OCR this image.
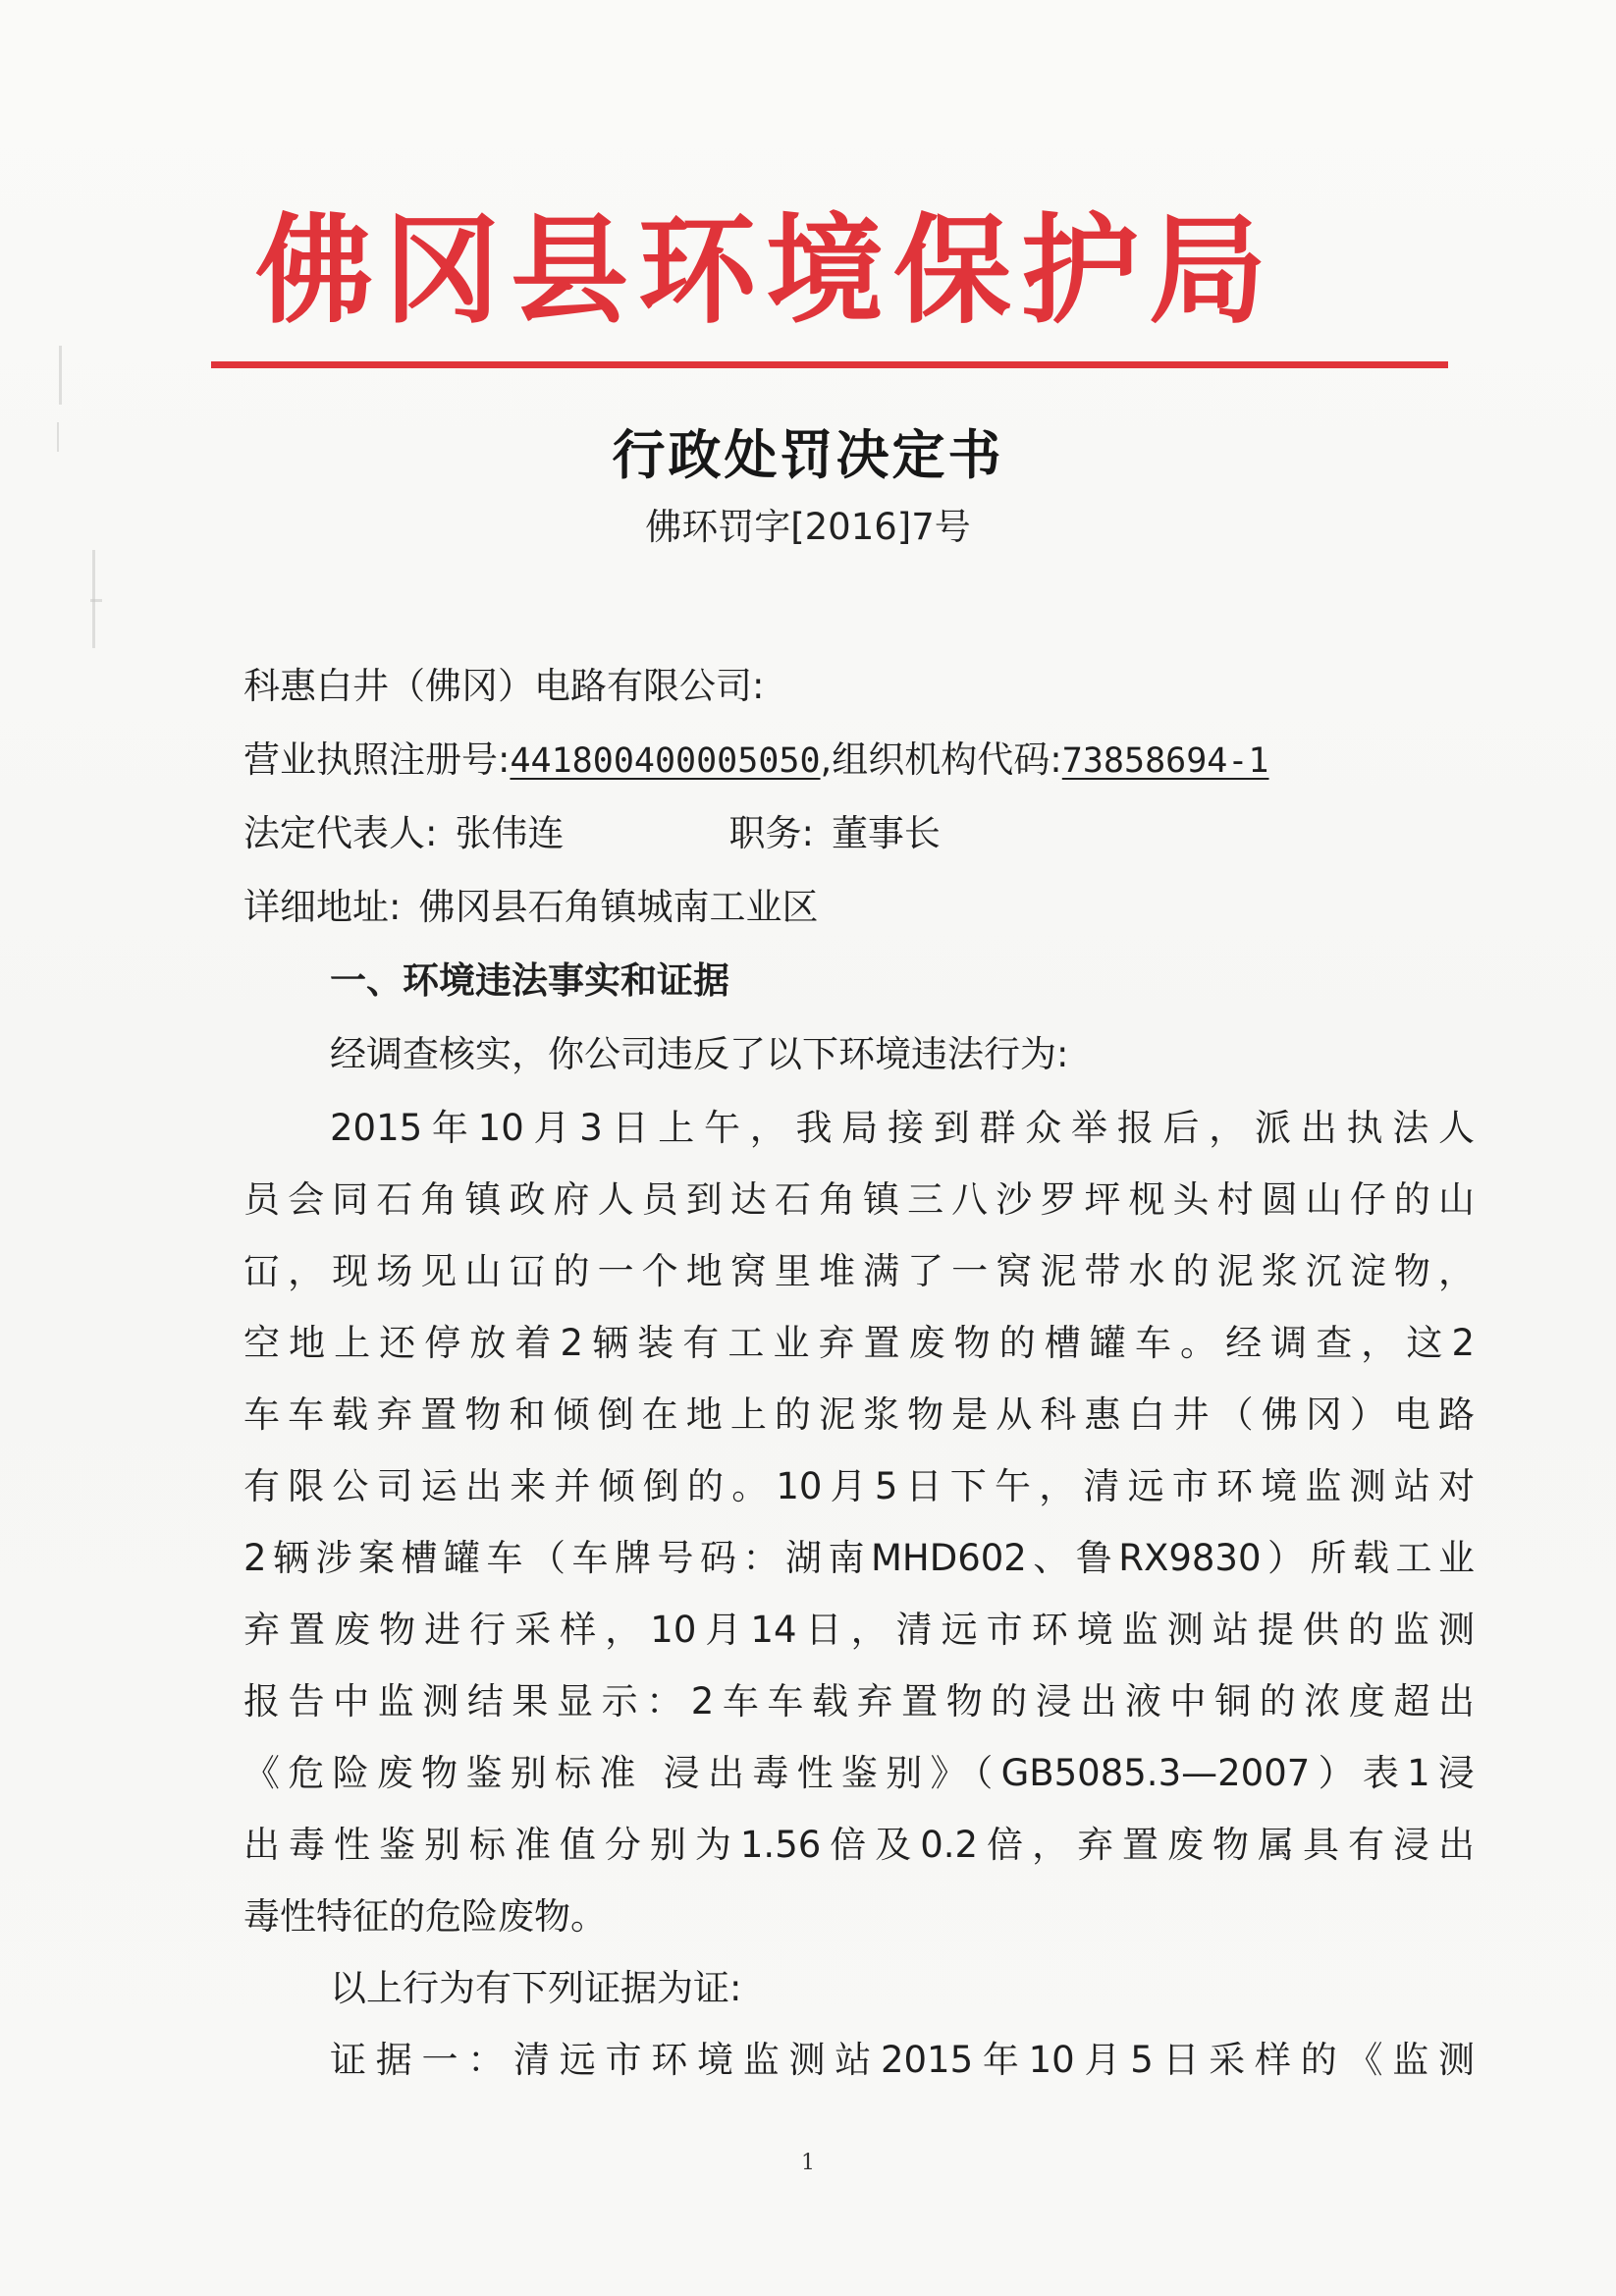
佛冈县环境保护局
行政处罚决定书
佛环罚字[2016]7号
科惠白井（佛冈）电路有限公司:
营业执照注册号:441800400005050,组织机构代码:73858694-1
法定代表人: 张伟连	职务: 董事长
详细地址: 佛冈县石角镇城南工业区
一、环境违法事实和证据
经调查核实，你公司违反了以下环境违法行为:
2015年10月3日上午，我局接到群众举报后，派出执法人
员会同石角镇政府人员到达石角镇三八沙罗坪枧头村圆山仔的山
冚，现场见山冚的一个地窝里堆满了一窝泥带水的泥浆沉淀物，
空地上还停放着2辆装有工业弃置废物的槽罐车。经调查，这2
车车载弃置物和倾倒在地上的泥浆物是从科惠白井（佛冈）电路
有限公司运出来并倾倒的。10月5日下午，清远市环境监测站对
2辆涉案槽罐车（车牌号码：湖南MHD602、鲁RX9830）所载工业
弃置废物进行采样，10月14日，清远市环境监测站提供的监测
报告中监测结果显示：2车车载弃置物的浸出液中铜的浓度超出
《危险废物鉴别标准 浸出毒性鉴别》（GB5085.3—2007）表1浸
出毒性鉴别标准值分别为1.56倍及0.2倍，弃置废物属具有浸出
毒性特征的危险废物。
以上行为有下列证据为证:
证据一：清远市环境监测站2015年10月5日采样的《监测
1
